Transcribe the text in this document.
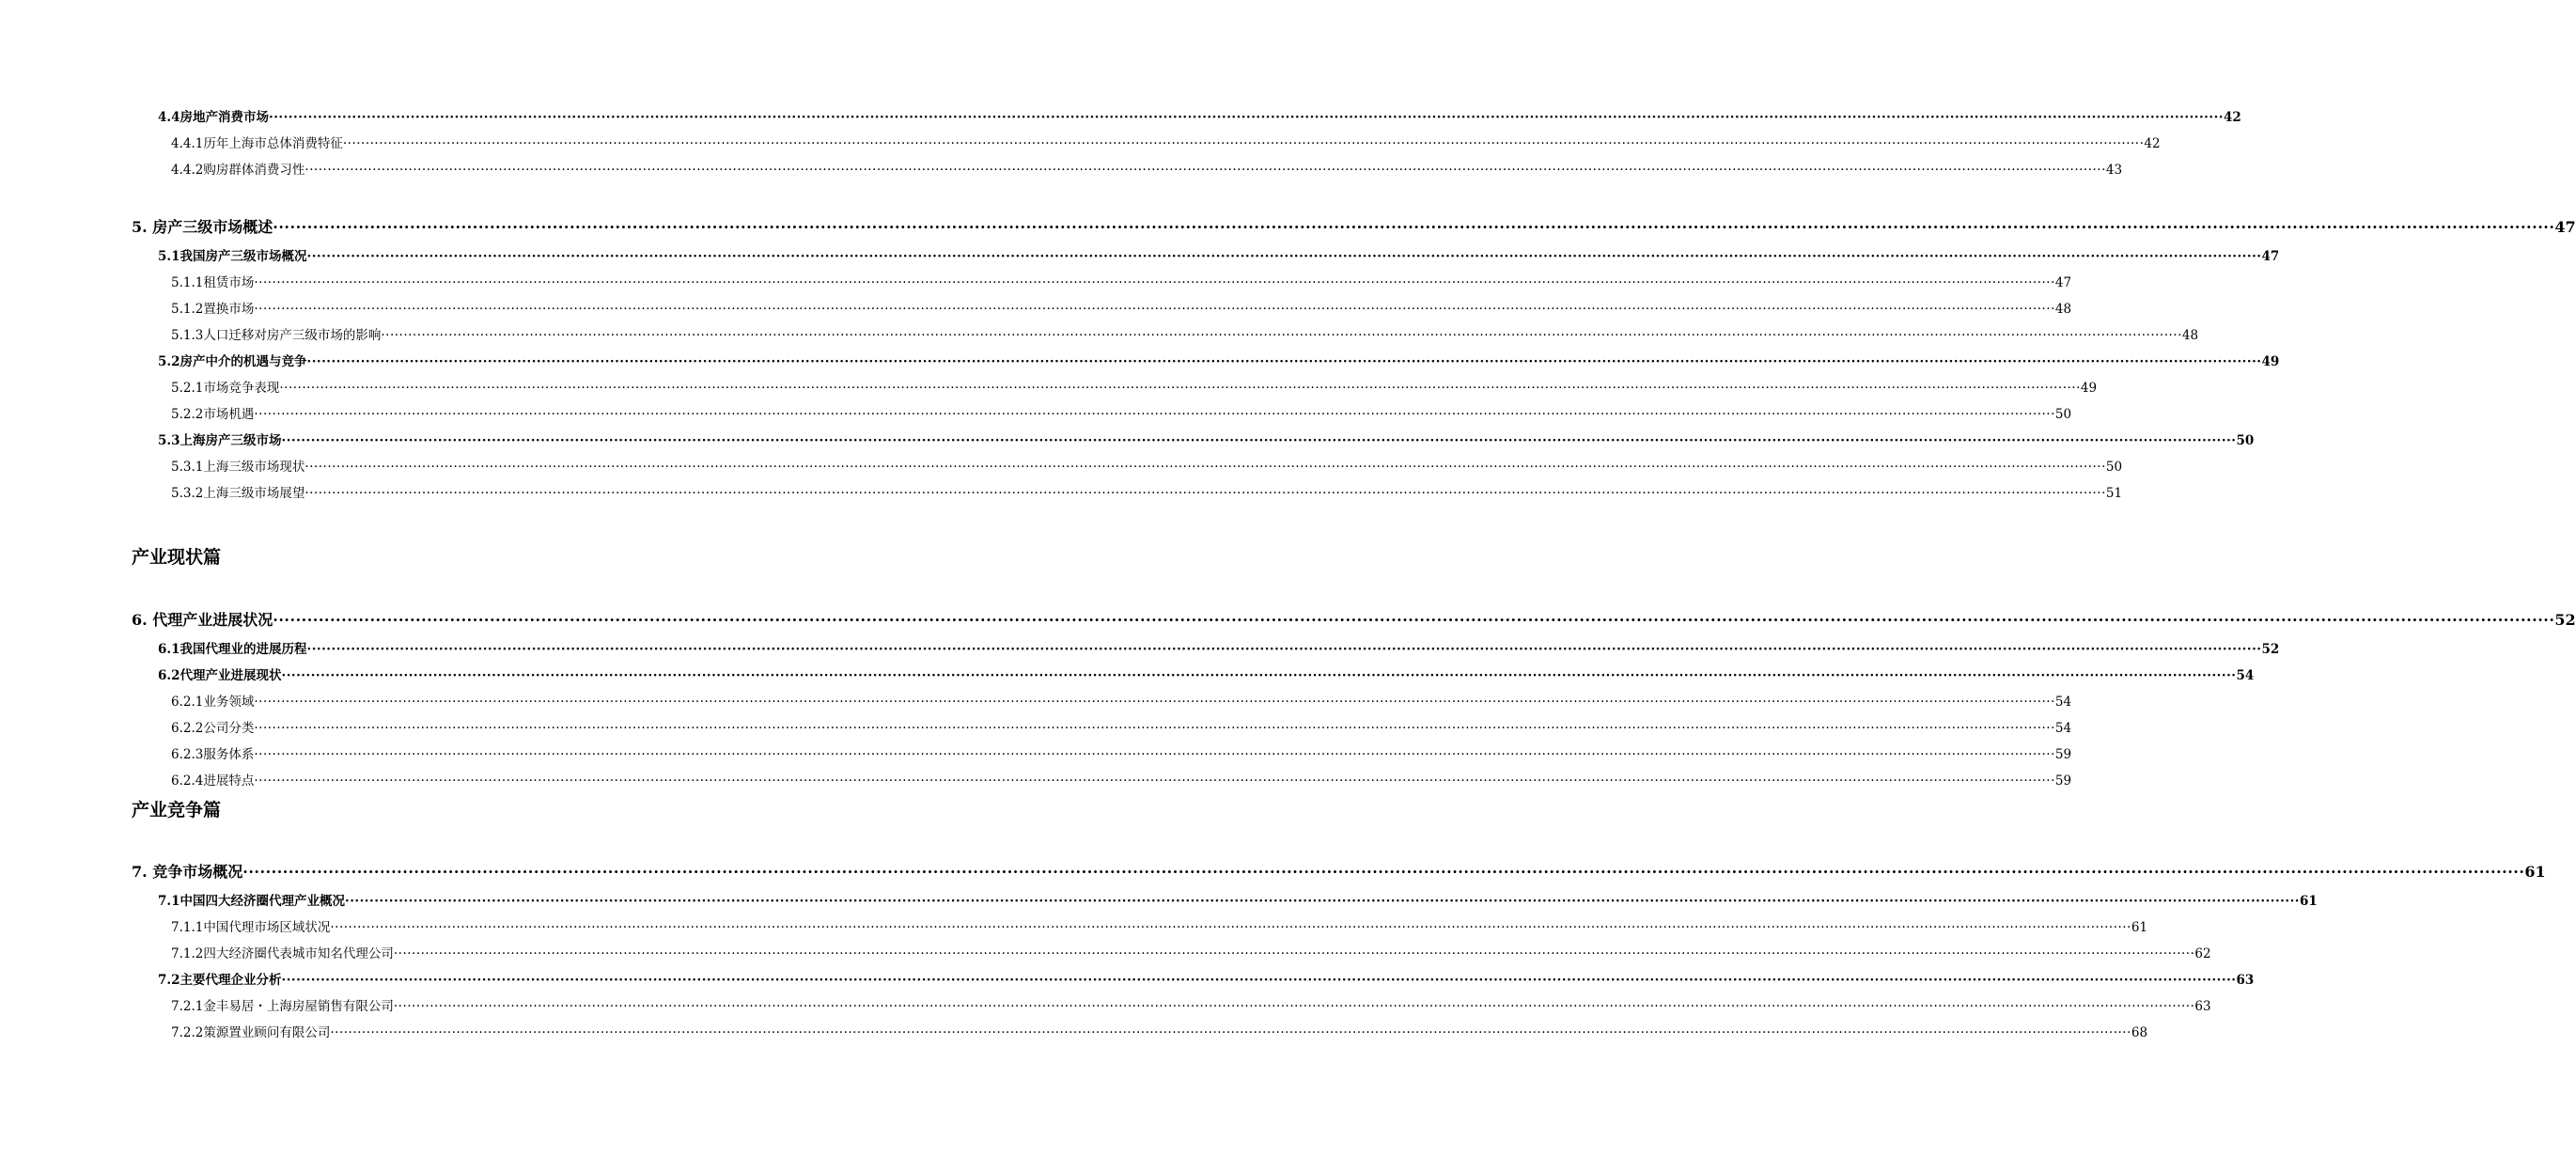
4.4房地产消费市场 ················································································································································································································································································································································································································ 42
4.4.1历年上海市总体消费特征 ················································································································································································································································································································································································································ 42
4.4.2购房群体消费习性 ················································································································································································································································································································································································································ 43
5. 房产三级市场概述 ················································································································································································································································································································································································································ 47
5.1我国房产三级市场概况 ················································································································································································································································································································································································································ 47
5.1.1租赁市场 ················································································································································································································································································································································································································ 47
5.1.2置换市场 ················································································································································································································································································································································································································ 48
5.1.3人口迁移对房产三级市场的影响 ················································································································································································································································································································································································································ 48
5.2房产中介的机遇与竞争 ················································································································································································································································································································································································································ 49
5.2.1市场竞争表现 ················································································································································································································································································································································································································ 49
5.2.2市场机遇 ················································································································································································································································································································································································································ 50
5.3上海房产三级市场 ················································································································································································································································································································································································································ 50
5.3.1上海三级市场现状 ················································································································································································································································································································································································································ 50
5.3.2上海三级市场展望 ················································································································································································································································································································································································································ 51
产业现状篇
6. 代理产业进展状况 ················································································································································································································································································································································································································ 52
6.1我国代理业的进展历程 ················································································································································································································································································································································································································ 52
6.2代理产业进展现状 ················································································································································································································································································································································································································ 54
6.2.1业务领域 ················································································································································································································································································································································································································ 54
6.2.2公司分类 ················································································································································································································································································································································································································ 54
6.2.3服务体系 ················································································································································································································································································································································································································ 59
6.2.4进展特点 ················································································································································································································································································································································································································ 59
产业竞争篇
7. 竞争市场概况 ················································································································································································································································································································································································································ 61
7.1中国四大经济圈代理产业概况 ················································································································································································································································································································································································································ 61
7.1.1中国代理市场区域状况 ················································································································································································································································································································································································································ 61
7.1.2四大经济圈代表城市知名代理公司 ················································································································································································································································································································································································································ 62
7.2主要代理企业分析 ················································································································································································································································································································································································································ 63
7.2.1金丰易居・上海房屋销售有限公司 ················································································································································································································································································································································································································ 63
7.2.2策源置业顾问有限公司 ················································································································································································································································································································································································································ 68
